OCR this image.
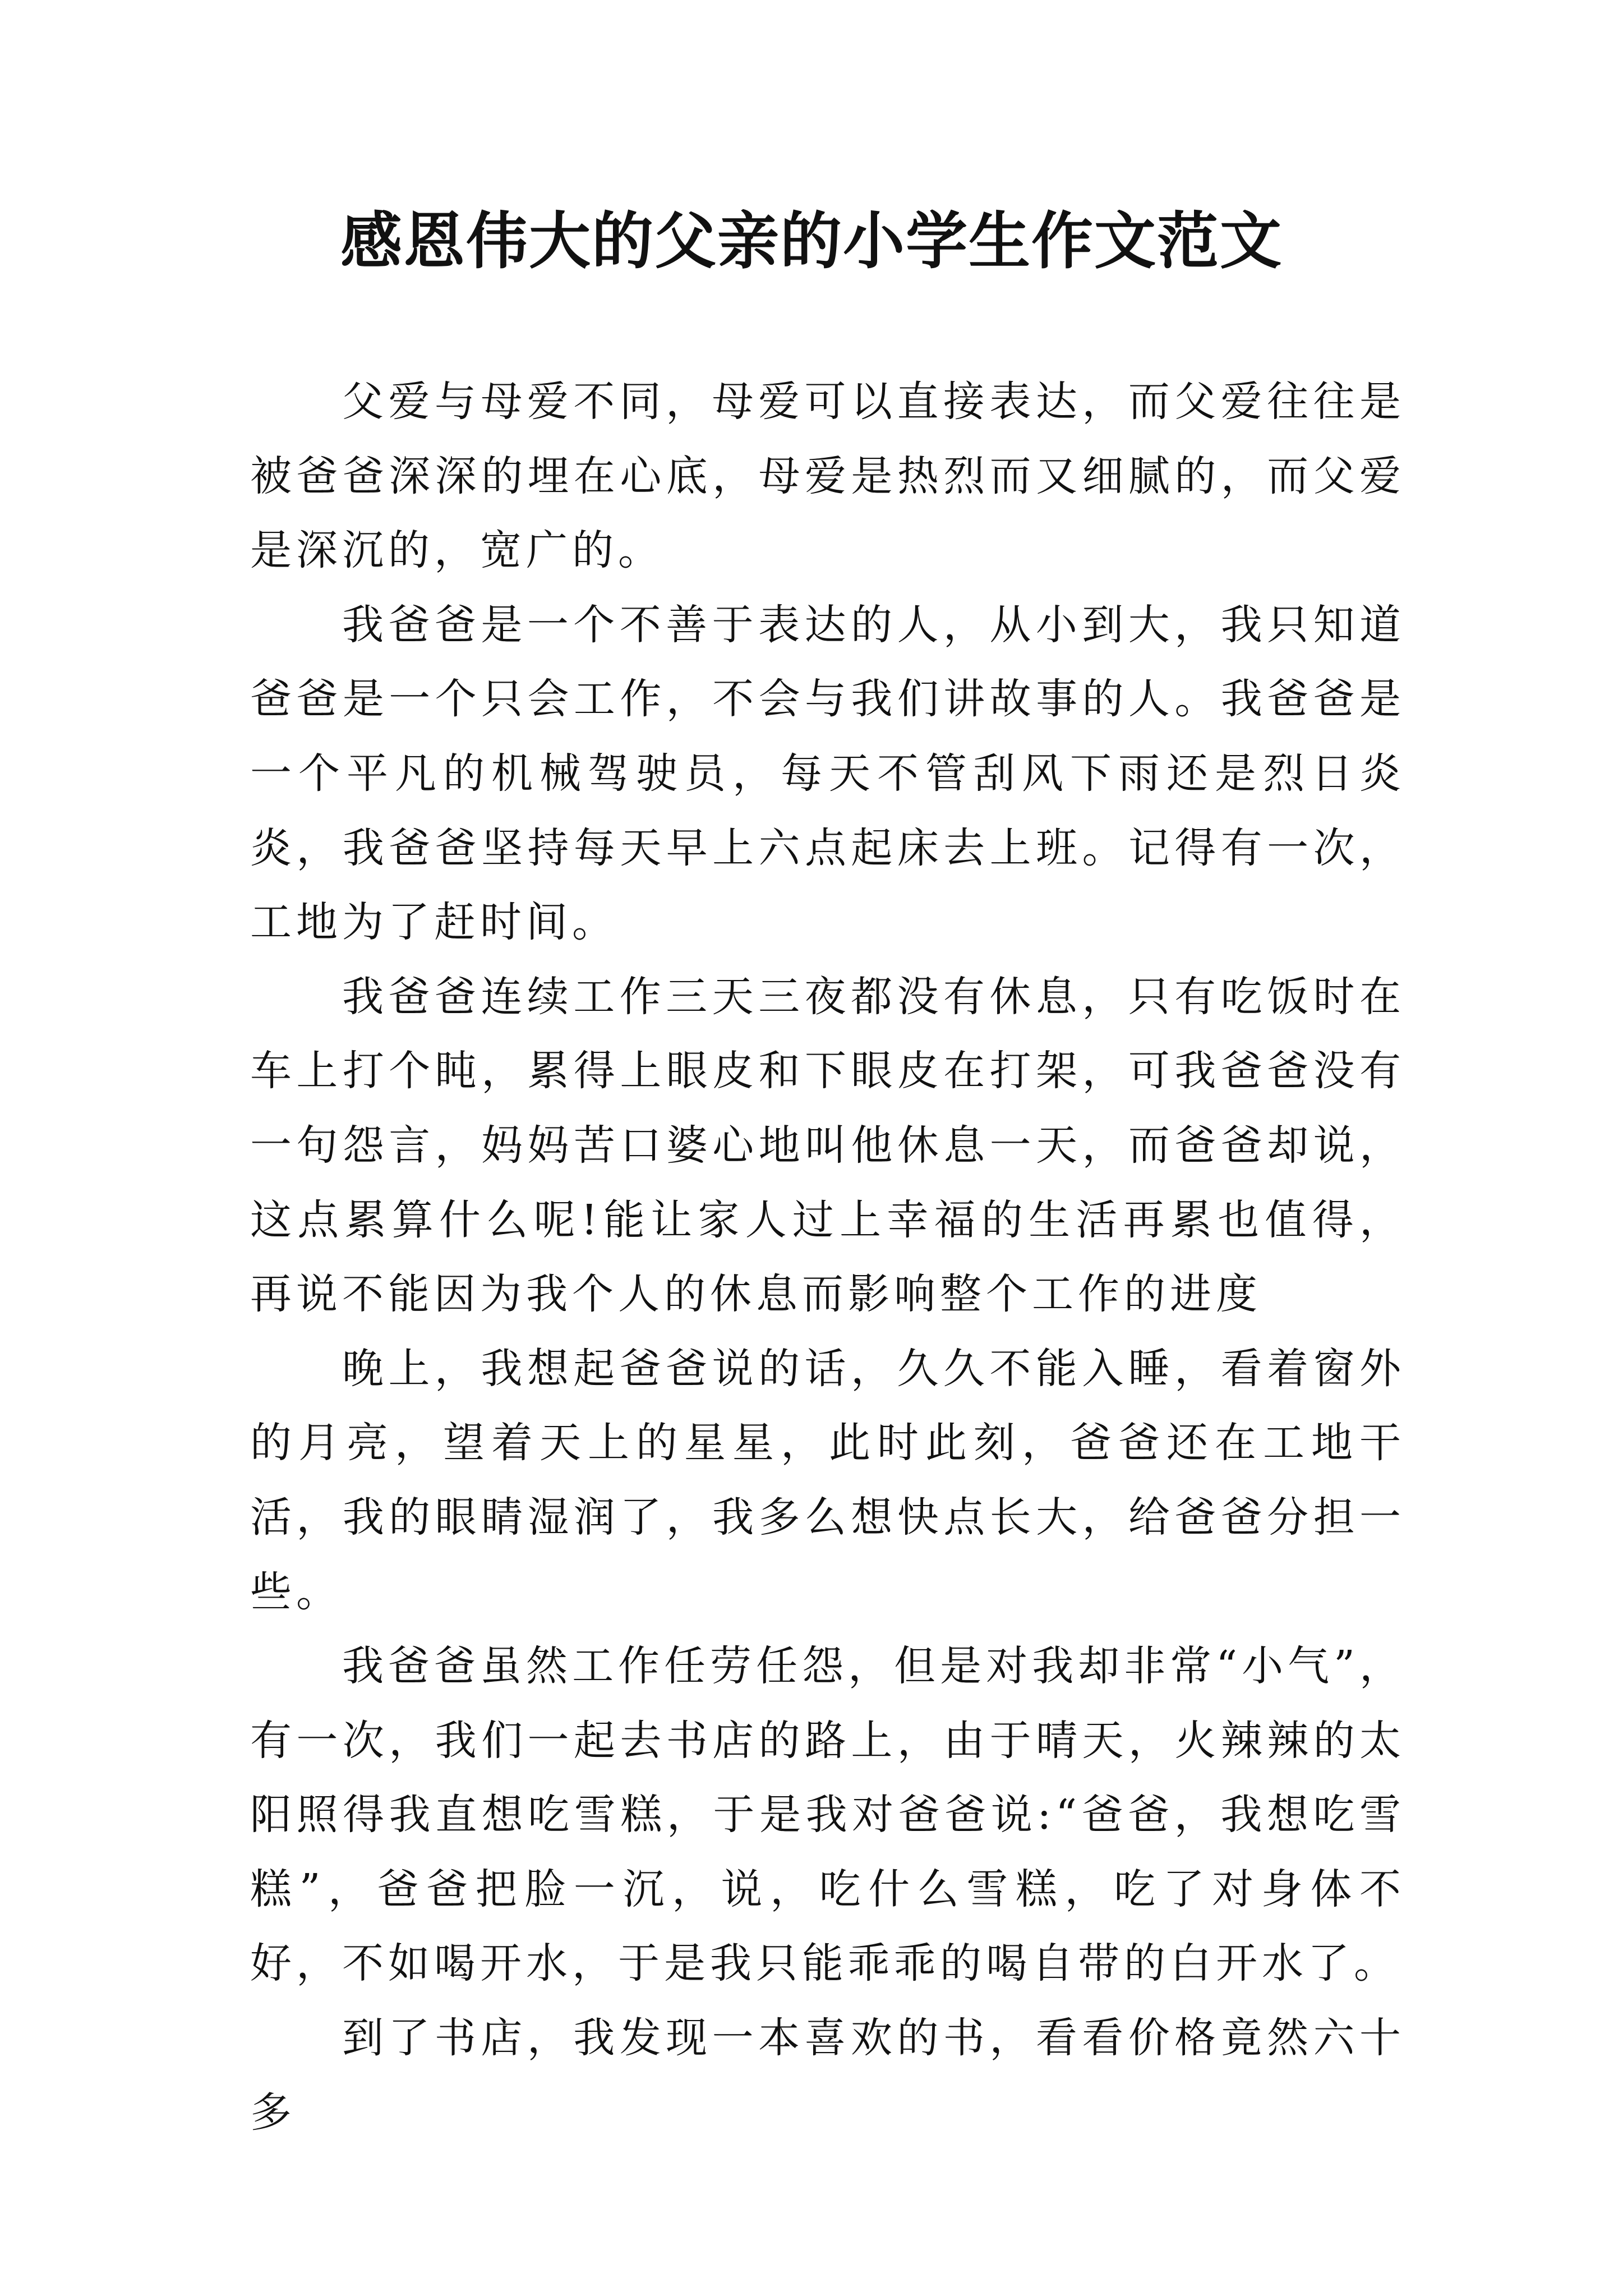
感恩伟大的父亲的小学生作文范文

父爱与母爱不同，母爱可以直接表达，而父爱往往是被爸爸深深的埋在心底，母爱是热烈而又细腻的，而父爱是深沉的，宽广的。

我爸爸是一个不善于表达的人，从小到大，我只知道爸爸是一个只会工作，不会与我们讲故事的人。我爸爸是一个平凡的机械驾驶员，每天不管刮风下雨还是烈日炎炎，我爸爸坚持每天早上六点起床去上班。记得有一次，工地为了赶时间。

我爸爸连续工作三天三夜都没有休息，只有吃饭时在车上打个盹，累得上眼皮和下眼皮在打架，可我爸爸没有一句怨言，妈妈苦口婆心地叫他休息一天，而爸爸却说，这点累算什么呢!能让家人过上幸福的生活再累也值得，再说不能因为我个人的休息而影响整个工作的进度

晚上，我想起爸爸说的话，久久不能入睡，看着窗外的月亮，望着天上的星星，此时此刻，爸爸还在工地干活，我的眼睛湿润了，我多么想快点长大，给爸爸分担一些。

我爸爸虽然工作任劳任怨，但是对我却非常“小气”，有一次，我们一起去书店的路上，由于晴天，火辣辣的太阳照得我直想吃雪糕，于是我对爸爸说:“爸爸，我想吃雪糕”，爸爸把脸一沉，说，吃什么雪糕，吃了对身体不好，不如喝开水，于是我只能乖乖的喝自带的白开水了。

到了书店，我发现一本喜欢的书，看看价格竟然六十多
